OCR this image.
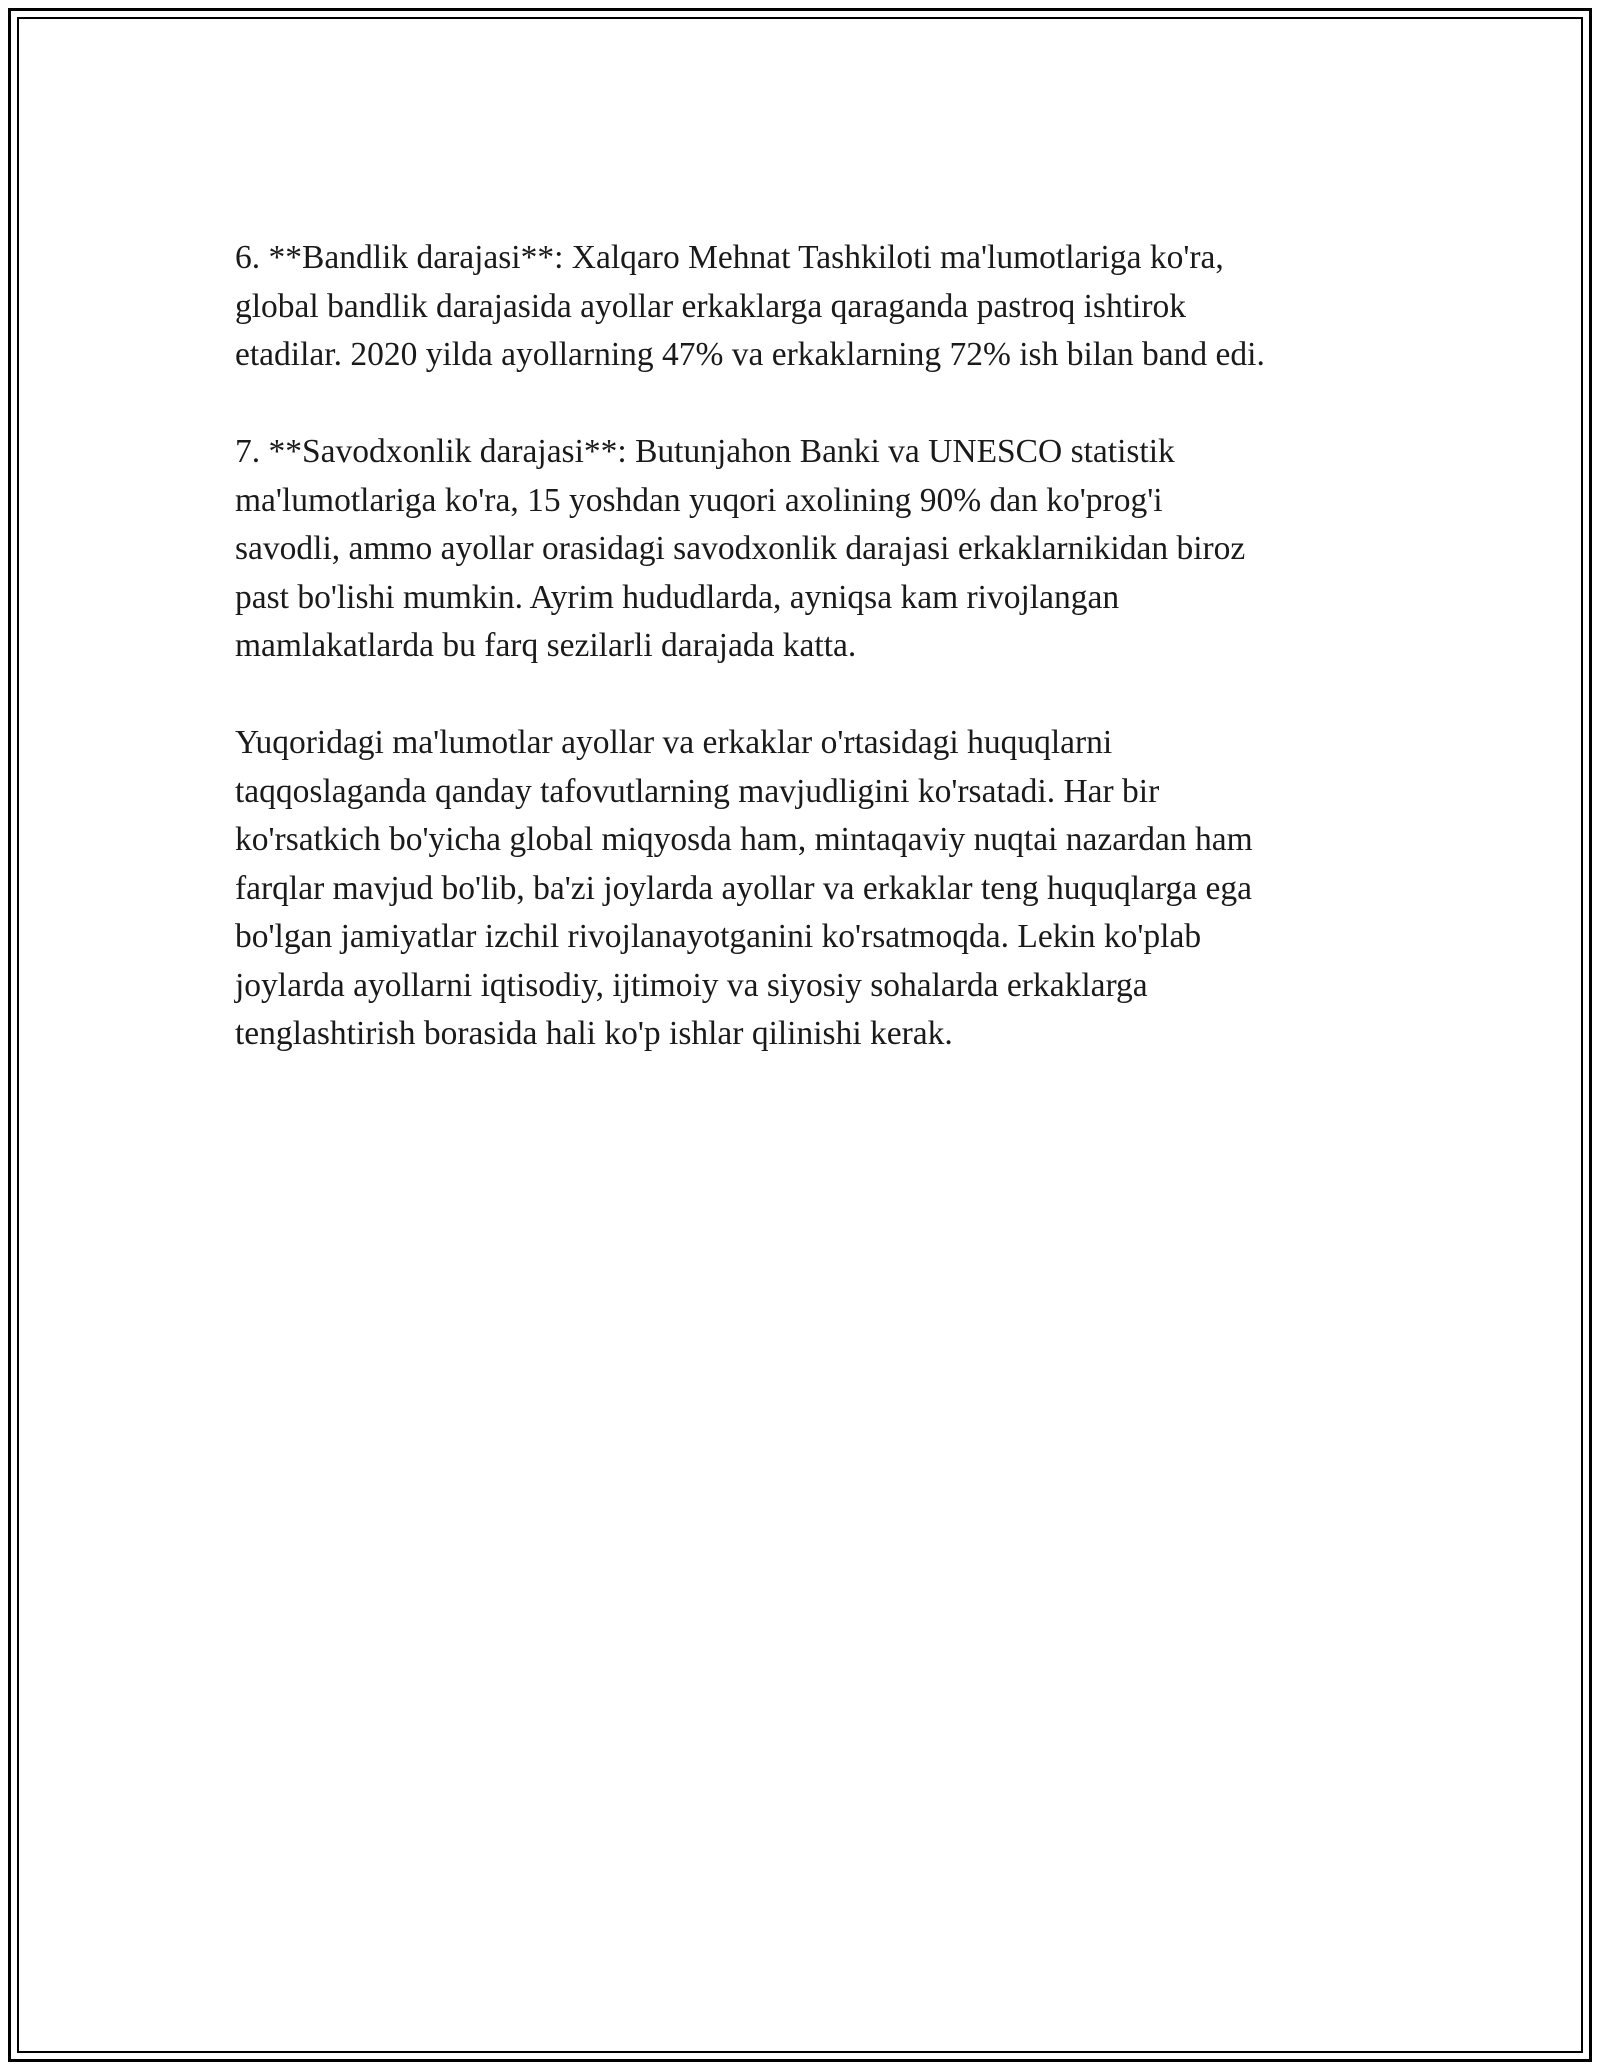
6. **Bandlik darajasi**: Xalqaro Mehnat Tashkiloti ma'lumotlariga ko'ra,
global bandlik darajasida ayollar erkaklarga qaraganda pastroq ishtirok
etadilar. 2020 yilda ayollarning 47% va erkaklarning 72% ish bilan band edi.

7. **Savodxonlik darajasi**: Butunjahon Banki va UNESCO statistik
ma'lumotlariga ko'ra, 15 yoshdan yuqori axolining 90% dan ko'prog'i
savodli, ammo ayollar orasidagi savodxonlik darajasi erkaklarnikidan biroz
past bo'lishi mumkin. Ayrim hududlarda, ayniqsa kam rivojlangan
mamlakatlarda bu farq sezilarli darajada katta.

Yuqoridagi ma'lumotlar ayollar va erkaklar o'rtasidagi huquqlarni
taqqoslaganda qanday tafovutlarning mavjudligini ko'rsatadi. Har bir
ko'rsatkich bo'yicha global miqyosda ham, mintaqaviy nuqtai nazardan ham
farqlar mavjud bo'lib, ba'zi joylarda ayollar va erkaklar teng huquqlarga ega
bo'lgan jamiyatlar izchil rivojlanayotganini ko'rsatmoqda. Lekin ko'plab
joylarda ayollarni iqtisodiy, ijtimoiy va siyosiy sohalarda erkaklarga
tenglashtirish borasida hali ko'p ishlar qilinishi kerak.
